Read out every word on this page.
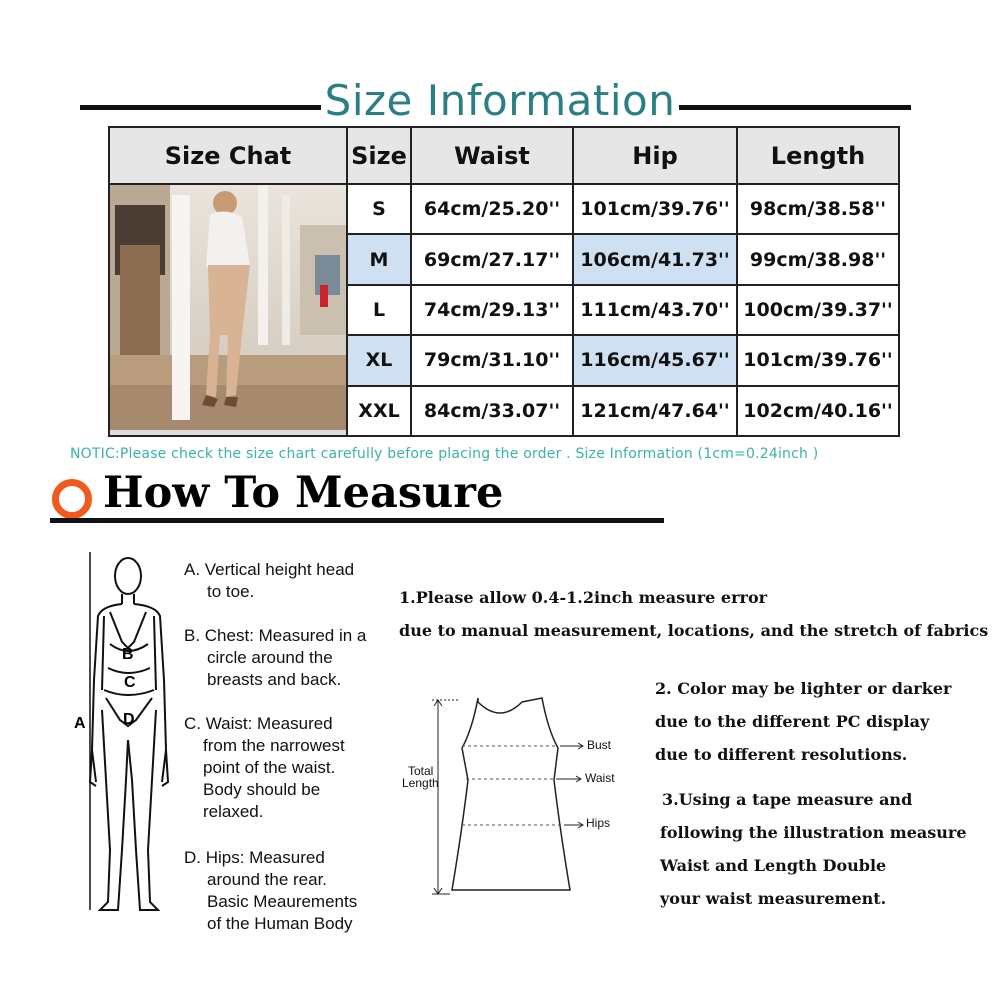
Size Information
Size Chat	Size	Waist	Hip	Length
	S	64cm/25.20''	101cm/39.76''	98cm/38.58''
	M	69cm/27.17''	106cm/41.73''	99cm/38.98''
	L	74cm/29.13''	111cm/43.70''	100cm/39.37''
	XL	79cm/31.10''	116cm/45.67''	101cm/39.76''
	XXL	84cm/33.07''	121cm/47.64''	102cm/40.16''
NOTIC:Please check the size chart carefully before placing the order . Size Information (1cm=0.24inch )
How To Measure
B
C
D
A
A. Vertical height head
to toe.
B. Chest: Measured in a
circle around the
breasts and back.
C. Waist: Measured
from the narrowest
point of the waist.
Body should be
relaxed.
D. Hips: Measured
around the rear.
Basic Meaurements
of the Human Body
1.Please allow 0.4-1.2inch measure error
due to manual measurement, locations, and the stretch of fabrics
2. Color may be lighter or darker
due to the different PC display
due to different resolutions.
3.Using a tape measure and
following the illustration measure
Waist and Length Double
your waist measurement.
Bust
Waist
Hips
Total
Length
